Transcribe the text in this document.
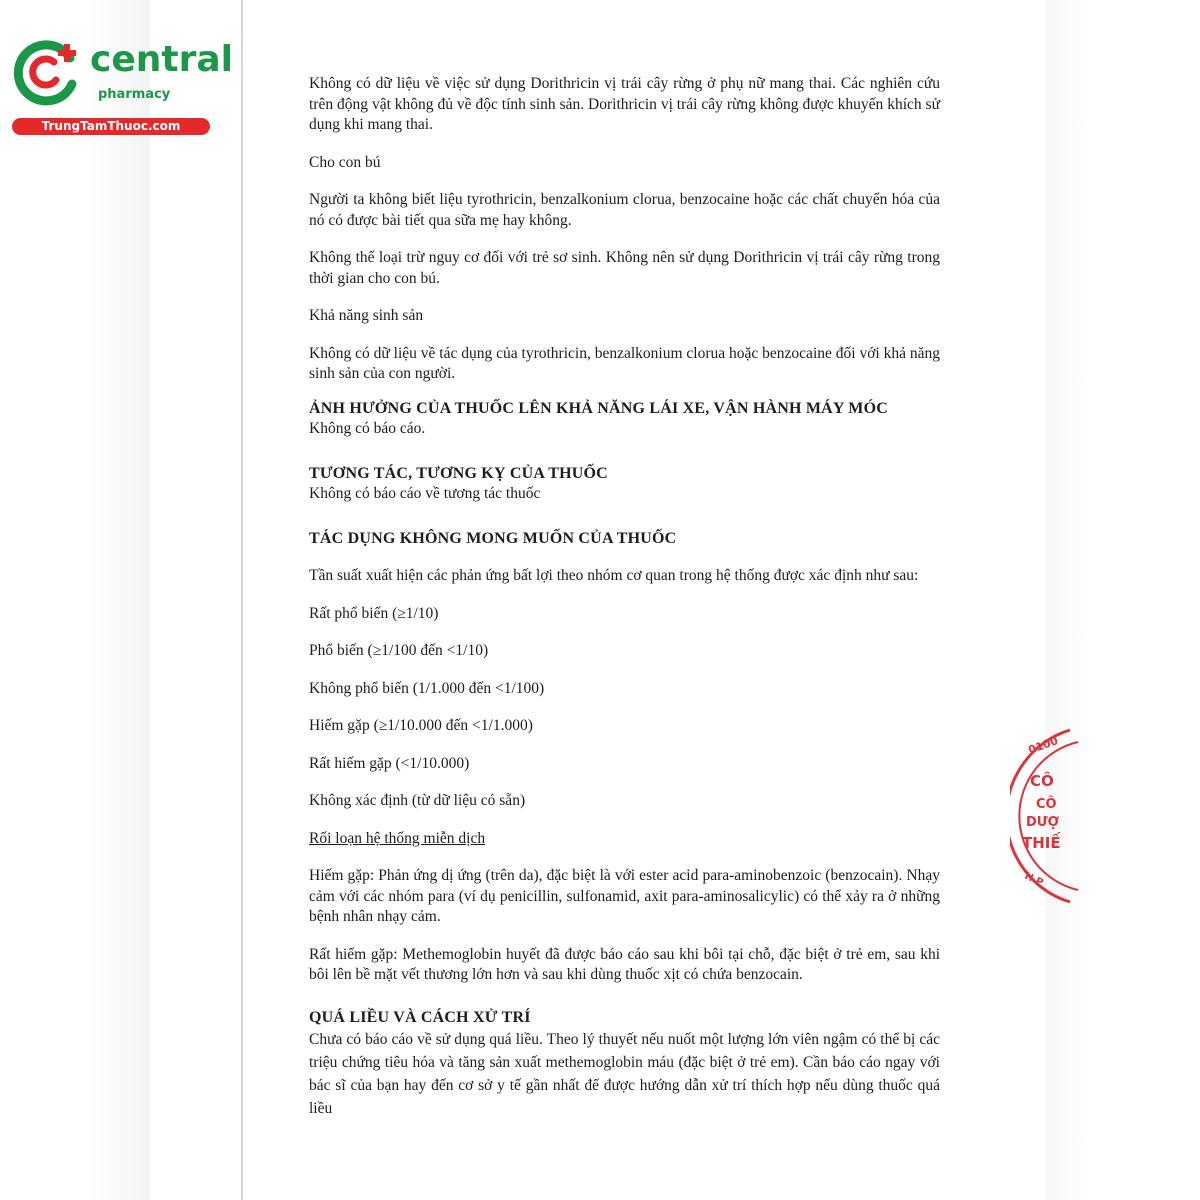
central
pharmacy
TrungTamThuoc.com

Không có dữ liệu về việc sử dụng Dorithricin vị trái cây rừng ở phụ nữ mang thai. Các nghiên cứu trên động vật không đủ về độc tính sinh sản. Dorithricin vị trái cây rừng không được khuyến khích sử dụng khi mang thai.

Cho con bú

Người ta không biết liệu tyrothricin, benzalkonium clorua, benzocaine hoặc các chất chuyển hóa của nó có được bài tiết qua sữa mẹ hay không.

Không thể loại trừ nguy cơ đối với trẻ sơ sinh. Không nên sử dụng Dorithricin vị trái cây rừng trong thời gian cho con bú.

Khả năng sinh sản

Không có dữ liệu về tác dụng của tyrothricin, benzalkonium clorua hoặc benzocaine đối với khả năng sinh sản của con người.

ẢNH HƯỞNG CỦA THUỐC LÊN KHẢ NĂNG LÁI XE, VẬN HÀNH MÁY MÓC

Không có báo cáo.

TƯƠNG TÁC, TƯƠNG KỴ CỦA THUỐC

Không có báo cáo về tương tác thuốc

TÁC DỤNG KHÔNG MONG MUỐN CỦA THUỐC

Tần suất xuất hiện các phản ứng bất lợi theo nhóm cơ quan trong hệ thống được xác định như sau:

Rất phổ biến (≥1/10)

Phổ biến (≥1/100 đến <1/10)

Không phổ biến (1/1.000 đến <1/100)

Hiếm gặp (≥1/10.000 đến <1/1.000)

Rất hiếm gặp (<1/10.000)

Không xác định (từ dữ liệu có sẵn)

Rối loạn hệ thống miễn dịch

Hiếm gặp: Phản ứng dị ứng (trên da), đặc biệt là với ester acid para-aminobenzoic (benzocain). Nhạy cảm với các nhóm para (ví dụ penicillin, sulfonamid, axit para-aminosalicylic) có thể xảy ra ở những bệnh nhân nhạy cảm.

Rất hiếm gặp: Methemoglobin huyết đã được báo cáo sau khi bôi tại chỗ, đặc biệt ở trẻ em, sau khi bôi lên bề mặt vết thương lớn hơn và sau khi dùng thuốc xịt có chứa benzocain.

QUÁ LIỀU VÀ CÁCH XỬ TRÍ

Chưa có báo cáo về sử dụng quá liều. Theo lý thuyết nếu nuốt một lượng lớn viên ngậm có thể bị các triệu chứng tiêu hóa và tăng sản xuất methemoglobin máu (đặc biệt ở trẻ em). Cần báo cáo ngay với bác sĩ của bạn hay đến cơ sở y tế gần nhất để được hướng dẫn xử trí thích hợp nếu dùng thuốc quá liều

0100
CÔ
CÔ
DƯỢ
THIẾ
H P
